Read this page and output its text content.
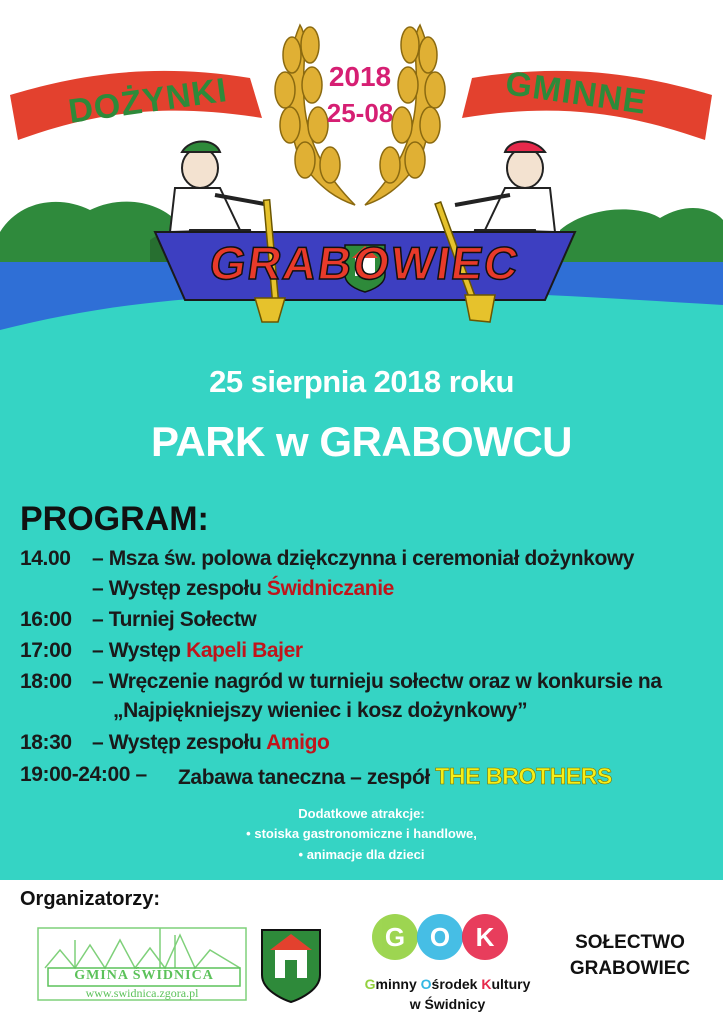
DOŻYNKI	GMINNE
2018
25-08
GRABOWIEC
25 sierpnia 2018 roku
PARK w GRABOWCU
PROGRAM:
14.00 – Msza św. polowa dziękczynna i ceremoniał dożynkowy
– Występ zespołu Świdniczanie
16:00 – Turniej Sołectw
17:00 – Występ Kapeli Bajer
18:00 – Wręczenie nagród w turnieju sołectw oraz w konkursie na
„Najpiękniejszy wieniec i kosz dożynkowy”
18:30 – Występ zespołu Amigo
19:00-24:00 – Zabawa taneczna – zespół THE BROTHERS
Dodatkowe atrakcje:
• stoiska gastronomiczne i handlowe,
• animacje dla dzieci
Organizatorzy:
GMINA ŚWIDNICA
www.swidnica.zgora.pl
G O K
Gminny Ośrodek Kultury
w Świdnicy
SOŁECTWO
GRABOWIEC
